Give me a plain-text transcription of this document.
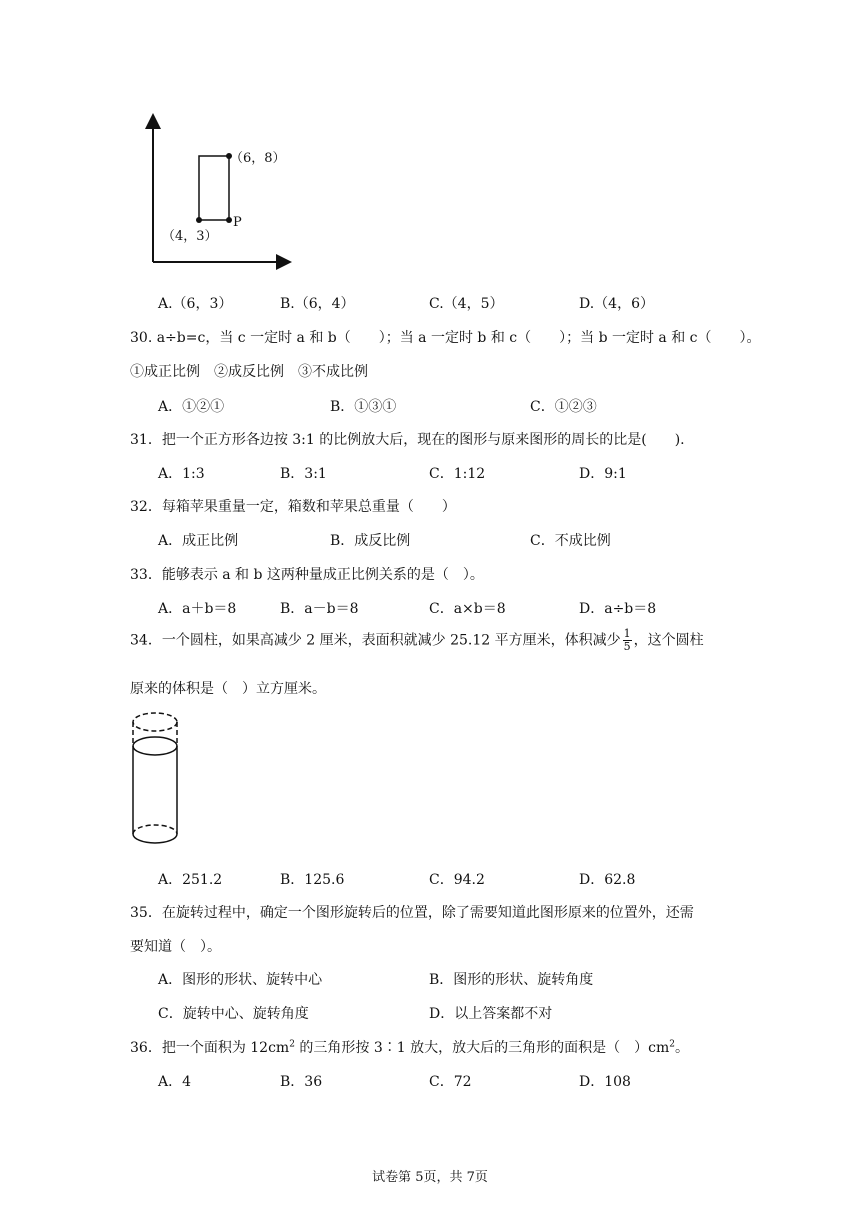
（6，8）
（4，3）
P
A.（6，3）	B.（6，4）	C.（4，5）	D.（4，6）
30. a÷b=c，当 c 一定时 a 和 b（　　）；当 a 一定时 b 和 c（　　）；当 b 一定时 a 和 c（　　）。
①成正比例　②成反比例　③不成比例
A．①②①	B．①③①	C．①②③
31．把一个正方形各边按 3:1 的比例放大后，现在的图形与原来图形的周长的比是(　　).
A．1:3	B．3:1	C．1:12	D．9:1
32．每箱苹果重量一定，箱数和苹果总重量（　　）
A．成正比例	B．成反比例	C．不成比例
33．能够表示 a 和 b 这两种量成正比例关系的是（　）。
A．a＋b＝8	B．a－b＝8	C．a×b＝8	D．a÷b＝8
34．一个圆柱，如果高减少 2 厘米，表面积就减少 25.12 平方厘米，体积减少 $\frac{1}{5}$ ，这个圆柱
原来的体积是（　）立方厘米。
A．251.2	B．125.6	C．94.2	D．62.8
35．在旋转过程中，确定一个图形旋转后的位置，除了需要知道此图形原来的位置外，还需
要知道（　）。
A．图形的形状、旋转中心	B．图形的形状、旋转角度
C．旋转中心、旋转角度	D．以上答案都不对
36．把一个面积为 $12cm^2$ 的三角形按 3∶1 放大，放大后的三角形的面积是（　）$cm^2$。
A．4	B．36	C．72	D．108
试卷第 5页，共 7页
